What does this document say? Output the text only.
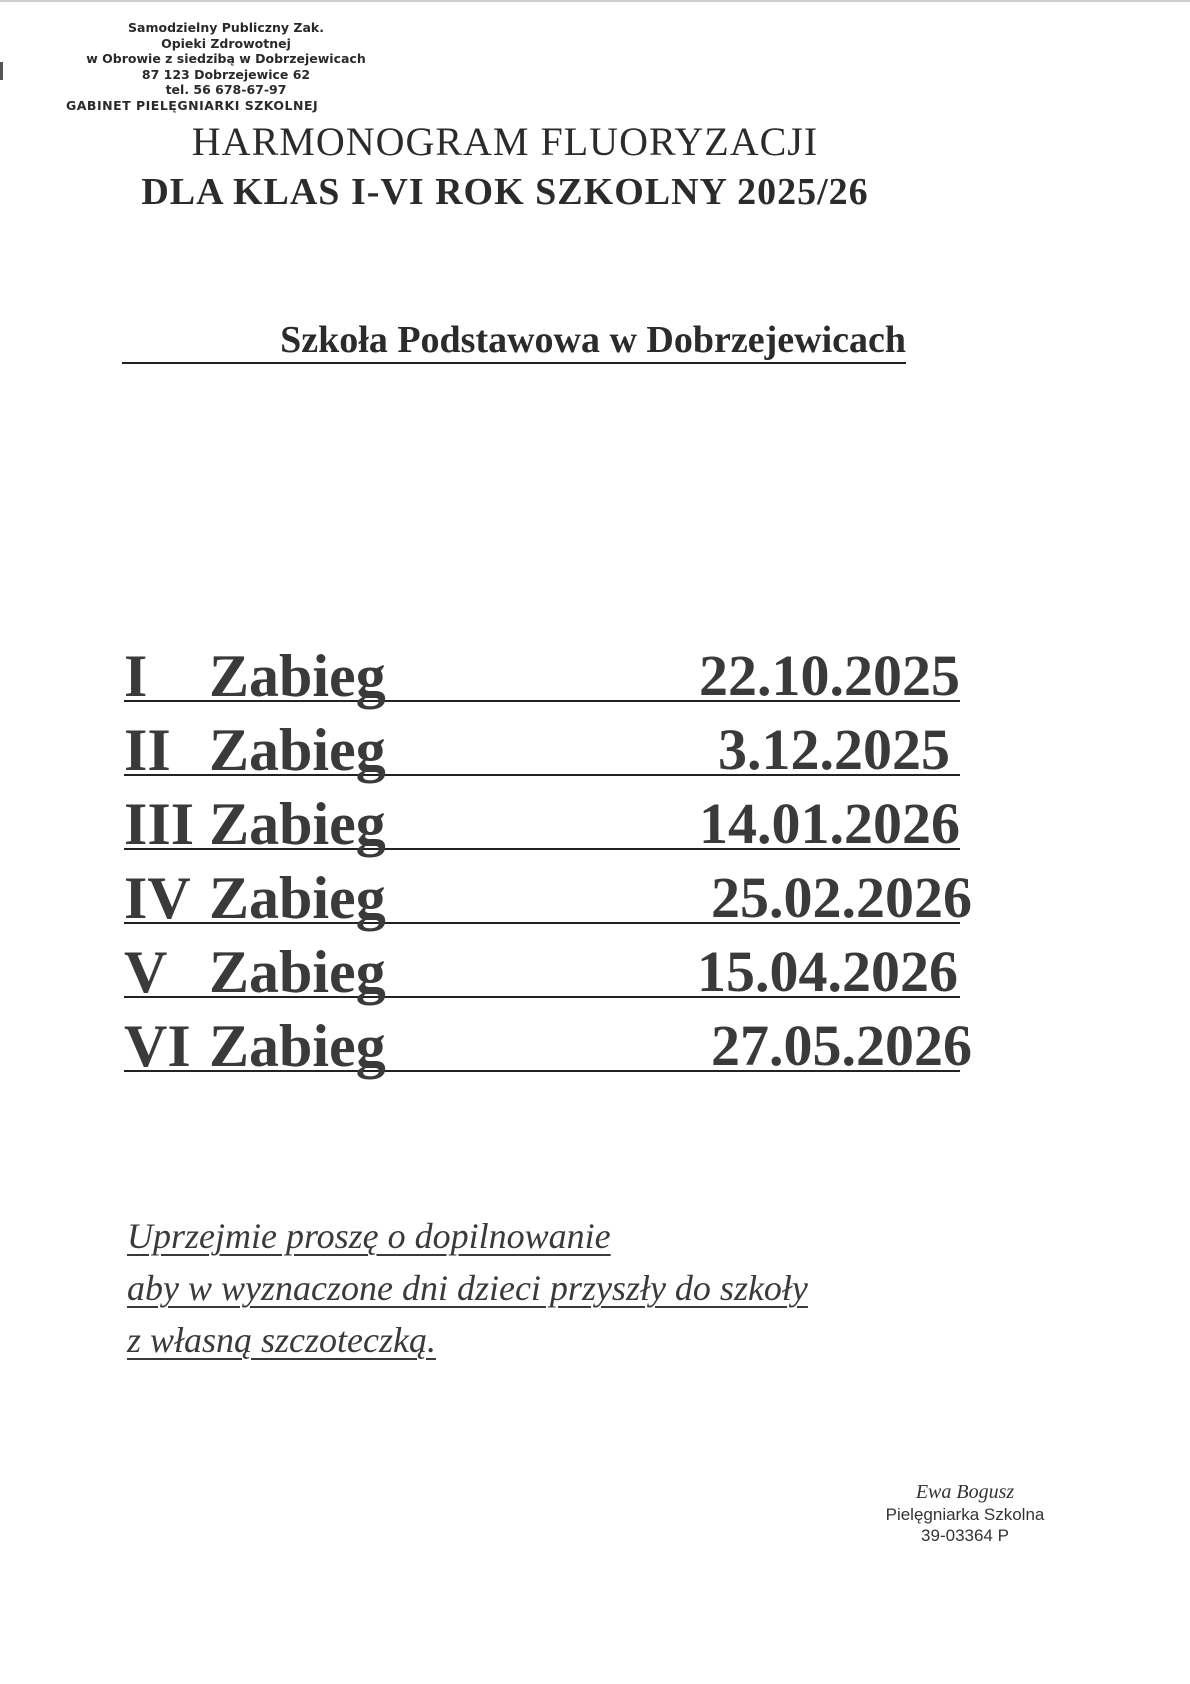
Samodzielny Publiczny Zak.
Opieki Zdrowotnej
w Obrowie z siedzibą w Dobrzejewicach
87 123 Dobrzejewice 62
tel. 56 678-67-97
GABINET PIELĘGNIARKI SZKOLNEJ
HARMONOGRAM FLUORYZACJI
DLA KLAS I-VI ROK SZKOLNY 2025/26
Szkoła Podstawowa w Dobrzejewicach
I Zabieg	22.10.2025
II Zabieg	3.12.2025
III Zabieg	14.01.2026
IV Zabieg	25.02.2026
V Zabieg	15.04.2026
VI Zabieg	27.05.2026
Uprzejmie proszę o dopilnowanie
aby w wyznaczone dni dzieci przyszły do szkoły
z własną szczoteczką.
Ewa Bogusz
Pielęgniarka Szkolna
39-03364 P
